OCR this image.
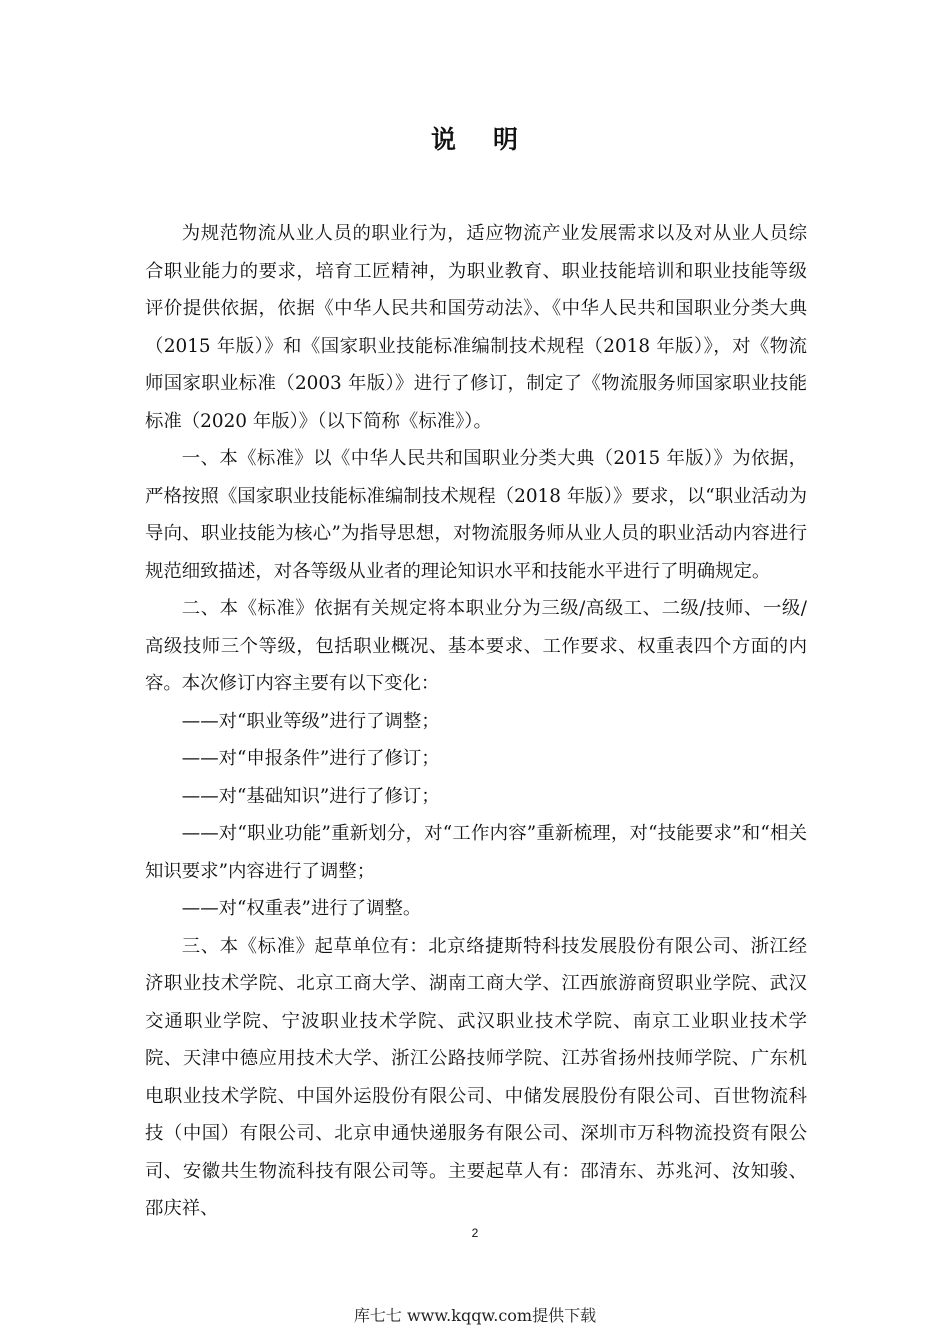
说 明

为规范物流从业人员的职业行为，适应物流产业发展需求以及对从业人员综合职业能力的要求，培育工匠精神，为职业教育、职业技能培训和职业技能等级评价提供依据，依据《中华人民共和国劳动法》、《中华人民共和国职业分类大典（2015 年版）》和《国家职业技能标准编制技术规程（2018 年版）》，对《物流师国家职业标准（2003 年版）》进行了修订，制定了《物流服务师国家职业技能标准（2020 年版）》（以下简称《标准》）。

一、本《标准》以《中华人民共和国职业分类大典（2015 年版）》为依据，严格按照《国家职业技能标准编制技术规程（2018 年版）》要求，以“职业活动为导向、职业技能为核心”为指导思想，对物流服务师从业人员的职业活动内容进行规范细致描述，对各等级从业者的理论知识水平和技能水平进行了明确规定。

二、本《标准》依据有关规定将本职业分为三级/高级工、二级/技师、一级/高级技师三个等级，包括职业概况、基本要求、工作要求、权重表四个方面的内容。本次修订内容主要有以下变化：

——对“职业等级”进行了调整；

——对“申报条件”进行了修订；

——对“基础知识”进行了修订；

——对“职业功能”重新划分，对“工作内容”重新梳理，对“技能要求”和“相关知识要求”内容进行了调整；

——对“权重表”进行了调整。

三、本《标准》起草单位有：北京络捷斯特科技发展股份有限公司、浙江经济职业技术学院、北京工商大学、湖南工商大学、江西旅游商贸职业学院、武汉交通职业学院、宁波职业技术学院、武汉职业技术学院、南京工业职业技术学院、天津中德应用技术大学、浙江公路技师学院、江苏省扬州技师学院、广东机电职业技术学院、中国外运股份有限公司、中储发展股份有限公司、百世物流科技（中国）有限公司、北京申通快递服务有限公司、深圳市万科物流投资有限公司、安徽共生物流科技有限公司等。主要起草人有：邵清东、苏兆河、汝知骏、邵庆祥、

2
库七七 www.kqqw.com提供下载
